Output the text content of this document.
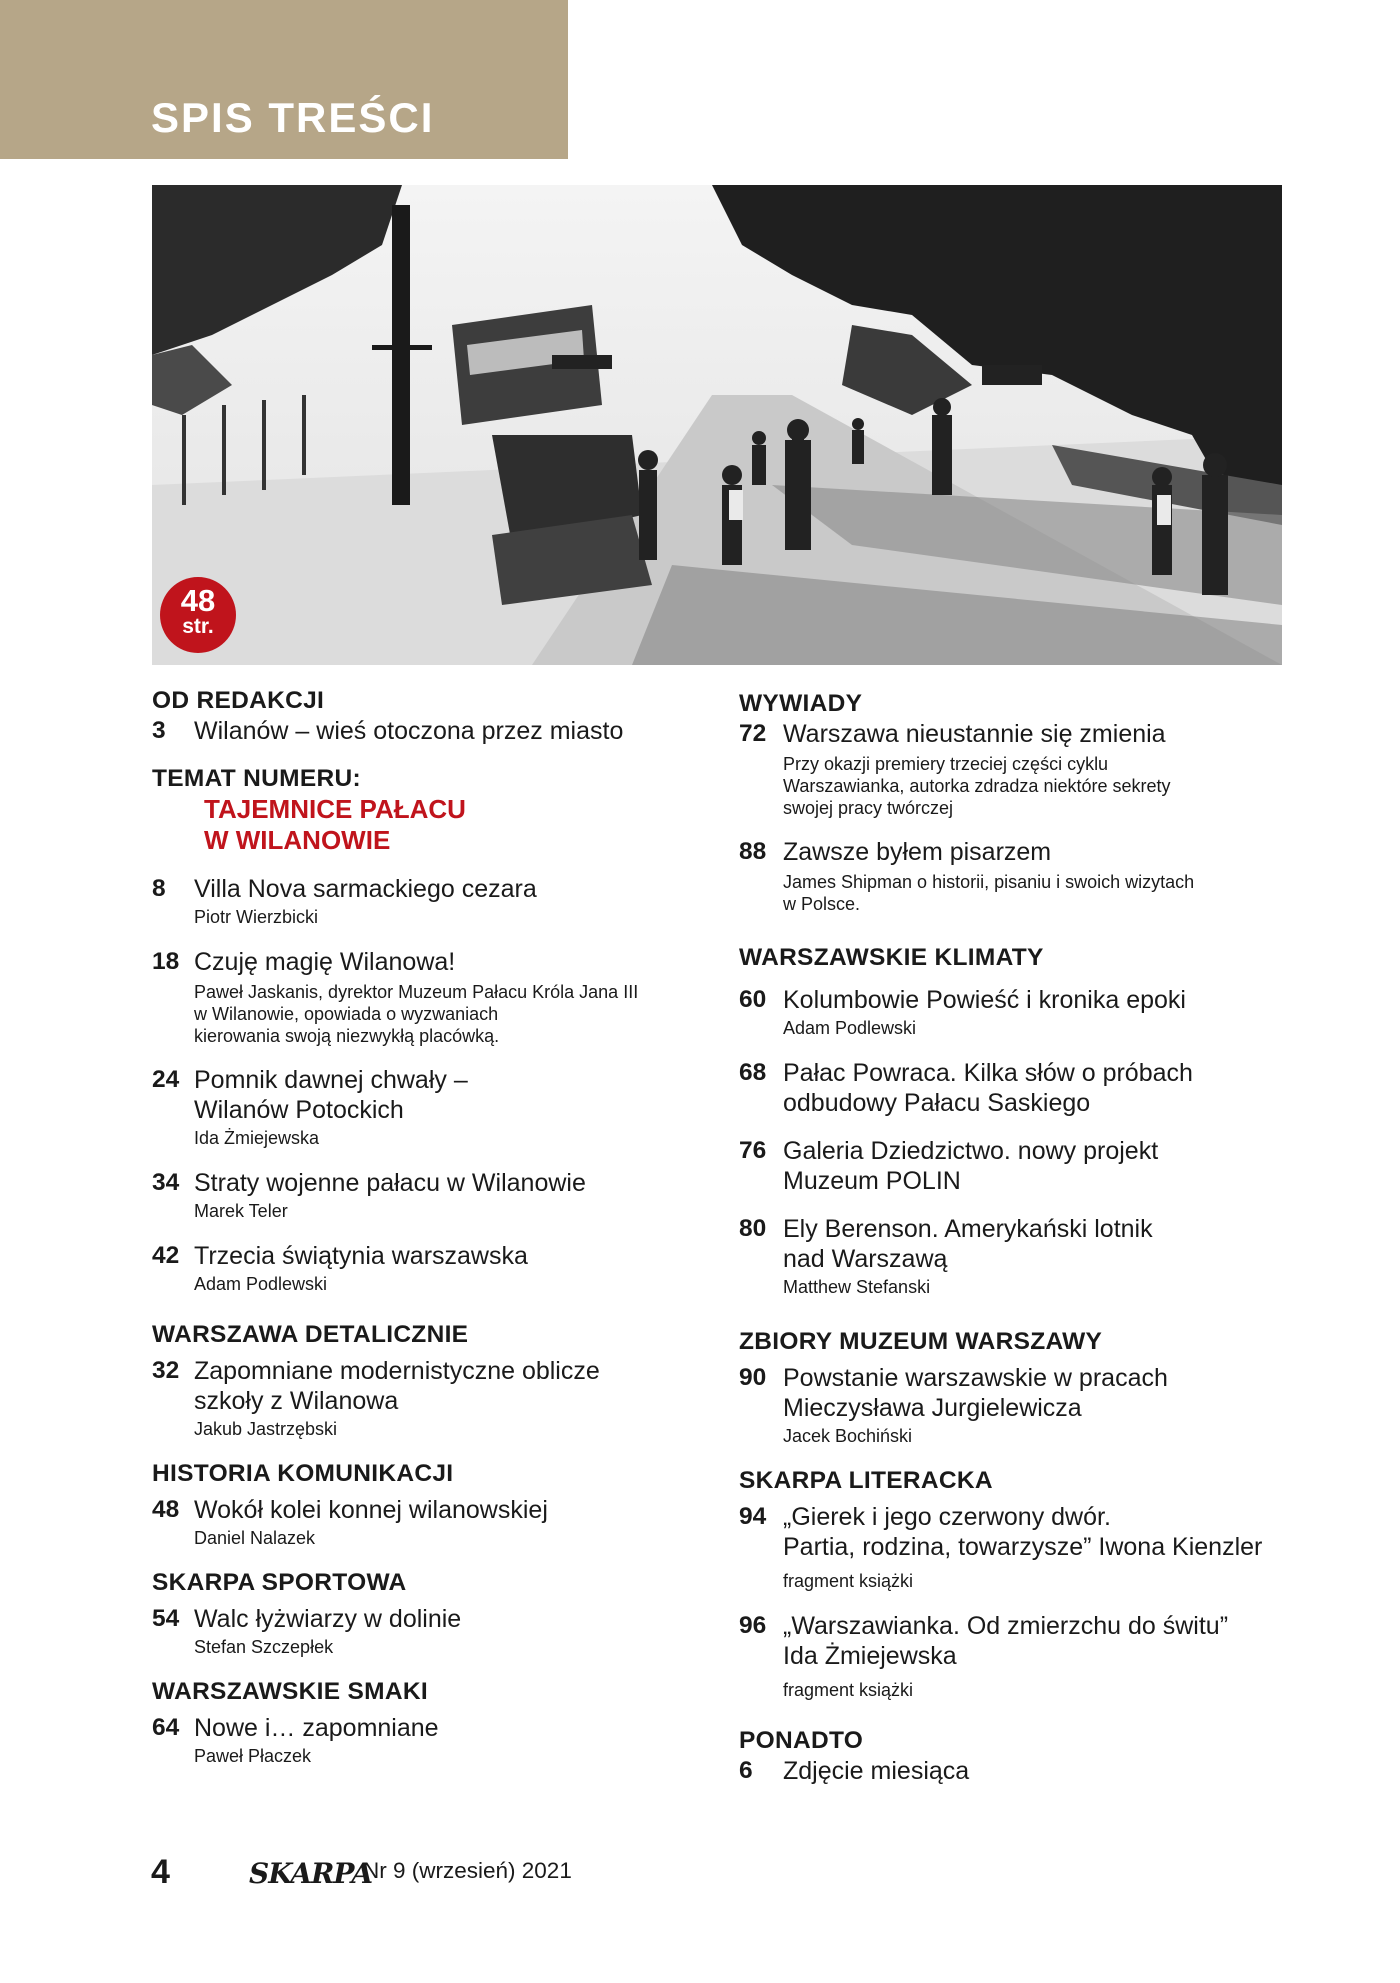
SPIS TREŚCI
48
str.
OD REDAKCJI
3 Wilanów – wieś otoczona przez miasto
TEMAT NUMERU:
TAJEMNICE PAŁACU
W WILANOWIE
8 Villa Nova sarmackiego cezara
Piotr Wierzbicki
18 Czuję magię Wilanowa!
Paweł Jaskanis, dyrektor Muzeum Pałacu Króla Jana III
w Wilanowie, opowiada o wyzwaniach
kierowania swoją niezwykłą placówką.
24 Pomnik dawnej chwały –
Wilanów Potockich
Ida Żmiejewska
34 Straty wojenne pałacu w Wilanowie
Marek Teler
42 Trzecia świątynia warszawska
Adam Podlewski
WARSZAWA DETALICZNIE
32 Zapomniane modernistyczne oblicze
szkoły z Wilanowa
Jakub Jastrzębski
HISTORIA KOMUNIKACJI
48 Wokół kolei konnej wilanowskiej
Daniel Nalazek
SKARPA SPORTOWA
54 Walc łyżwiarzy w dolinie
Stefan Szczepłek
WARSZAWSKIE SMAKI
64 Nowe i… zapomniane
Paweł Płaczek
WYWIADY
72 Warszawa nieustannie się zmienia
Przy okazji premiery trzeciej części cyklu
Warszawianka, autorka zdradza niektóre sekrety
swojej pracy twórczej
88 Zawsze byłem pisarzem
James Shipman o historii, pisaniu i swoich wizytach
w Polsce.
WARSZAWSKIE KLIMATY
60 Kolumbowie Powieść i kronika epoki
Adam Podlewski
68 Pałac Powraca. Kilka słów o próbach
odbudowy Pałacu Saskiego
76 Galeria Dziedzictwo. nowy projekt
Muzeum POLIN
80 Ely Berenson. Amerykański lotnik
nad Warszawą
Matthew Stefanski
ZBIORY MUZEUM WARSZAWY
90 Powstanie warszawskie w pracach
Mieczysława Jurgielewicza
Jacek Bochiński
SKARPA LITERACKA
94 „Gierek i jego czerwony dwór.
Partia, rodzina, towarzysze” Iwona Kienzler
fragment książki
96 „Warszawianka. Od zmierzchu do świtu”
Ida Żmiejewska
fragment książki
PONADTO
6 Zdjęcie miesiąca
4	SKARPA
Nr 9 (wrzesień) 2021
